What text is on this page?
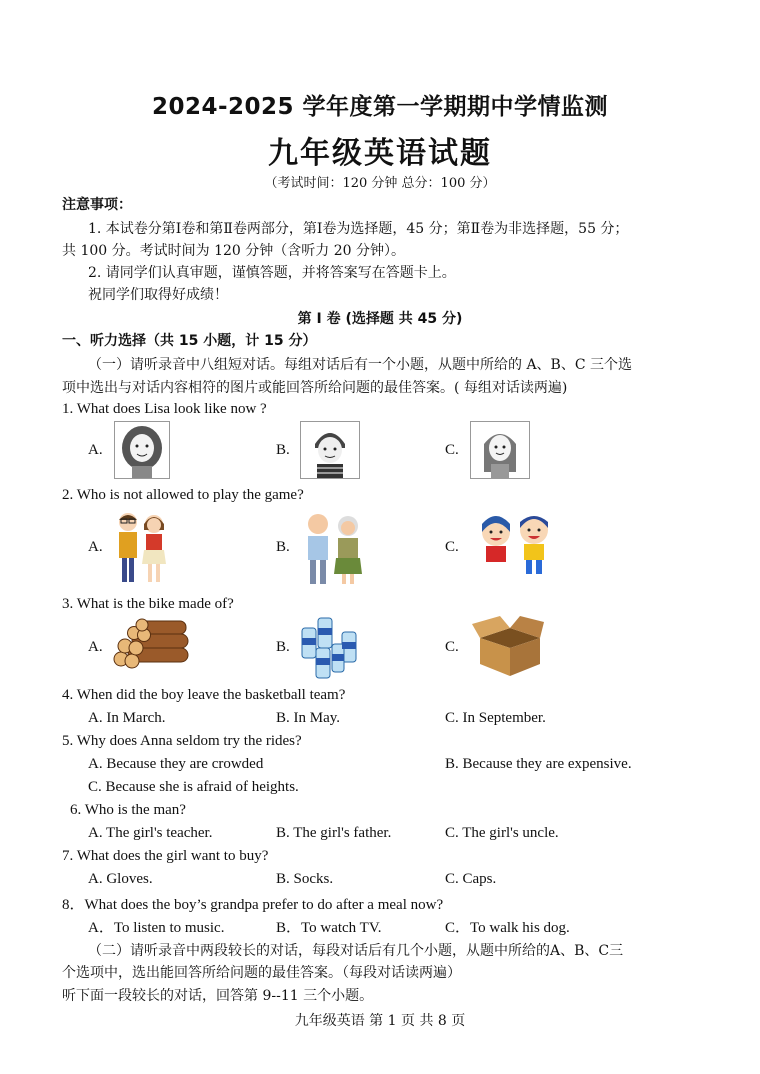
2024-2025 学年度第一学期期中学情监测
九年级英语试题
（考试时间：120 分钟 总分：100 分）
注意事项：
1. 本试卷分第Ⅰ卷和第Ⅱ卷两部分，第Ⅰ卷为选择题，45 分；第Ⅱ卷为非选择题，55 分；
共 100 分。考试时间为 120 分钟（含听力 20 分钟）。
2. 请同学们认真审题，谨慎答题，并将答案写在答题卡上。
祝同学们取得好成绩！
第 I 卷 (选择题 共 45 分)
一、听力选择（共 15 小题，计 15 分）
（一）请听录音中八组短对话。每组对话后有一个小题，从题中所给的 A、B、C 三个选
项中选出与对话内容相符的图片或能回答所给问题的最佳答案。( 每组对话读两遍)
1. What does Lisa look like now ?
A.	B.	C.
2. Who is not allowed to play the game?
A.	B.	C.
3. What is the bike made of?
A.	B.	C.
4. When did the boy leave the basketball team?
A. In March.	B. In May.	C. In September.
5. Why does Anna seldom try the rides?
A. Because they are crowded	B. Because they are expensive.
C. Because she is afraid of heights.
6. Who is the man?
A. The girl's teacher.	B. The girl's father.	C. The girl's uncle.
7. What does the girl want to buy?
A. Gloves.	B. Socks.	C. Caps.
8．What does the boy’s grandpa prefer to do after a meal now?
A．To listen to music.	B．To watch TV.	C．To walk his dog.
（二）请听录音中两段较长的对话，每段对话后有几个小题，从题中所给的A、B、C三
个选项中，选出能回答所给问题的最佳答案。（每段对话读两遍）
听下面一段较长的对话，回答第 9--11 三个小题。
九年级英语 第 1 页 共 8 页
